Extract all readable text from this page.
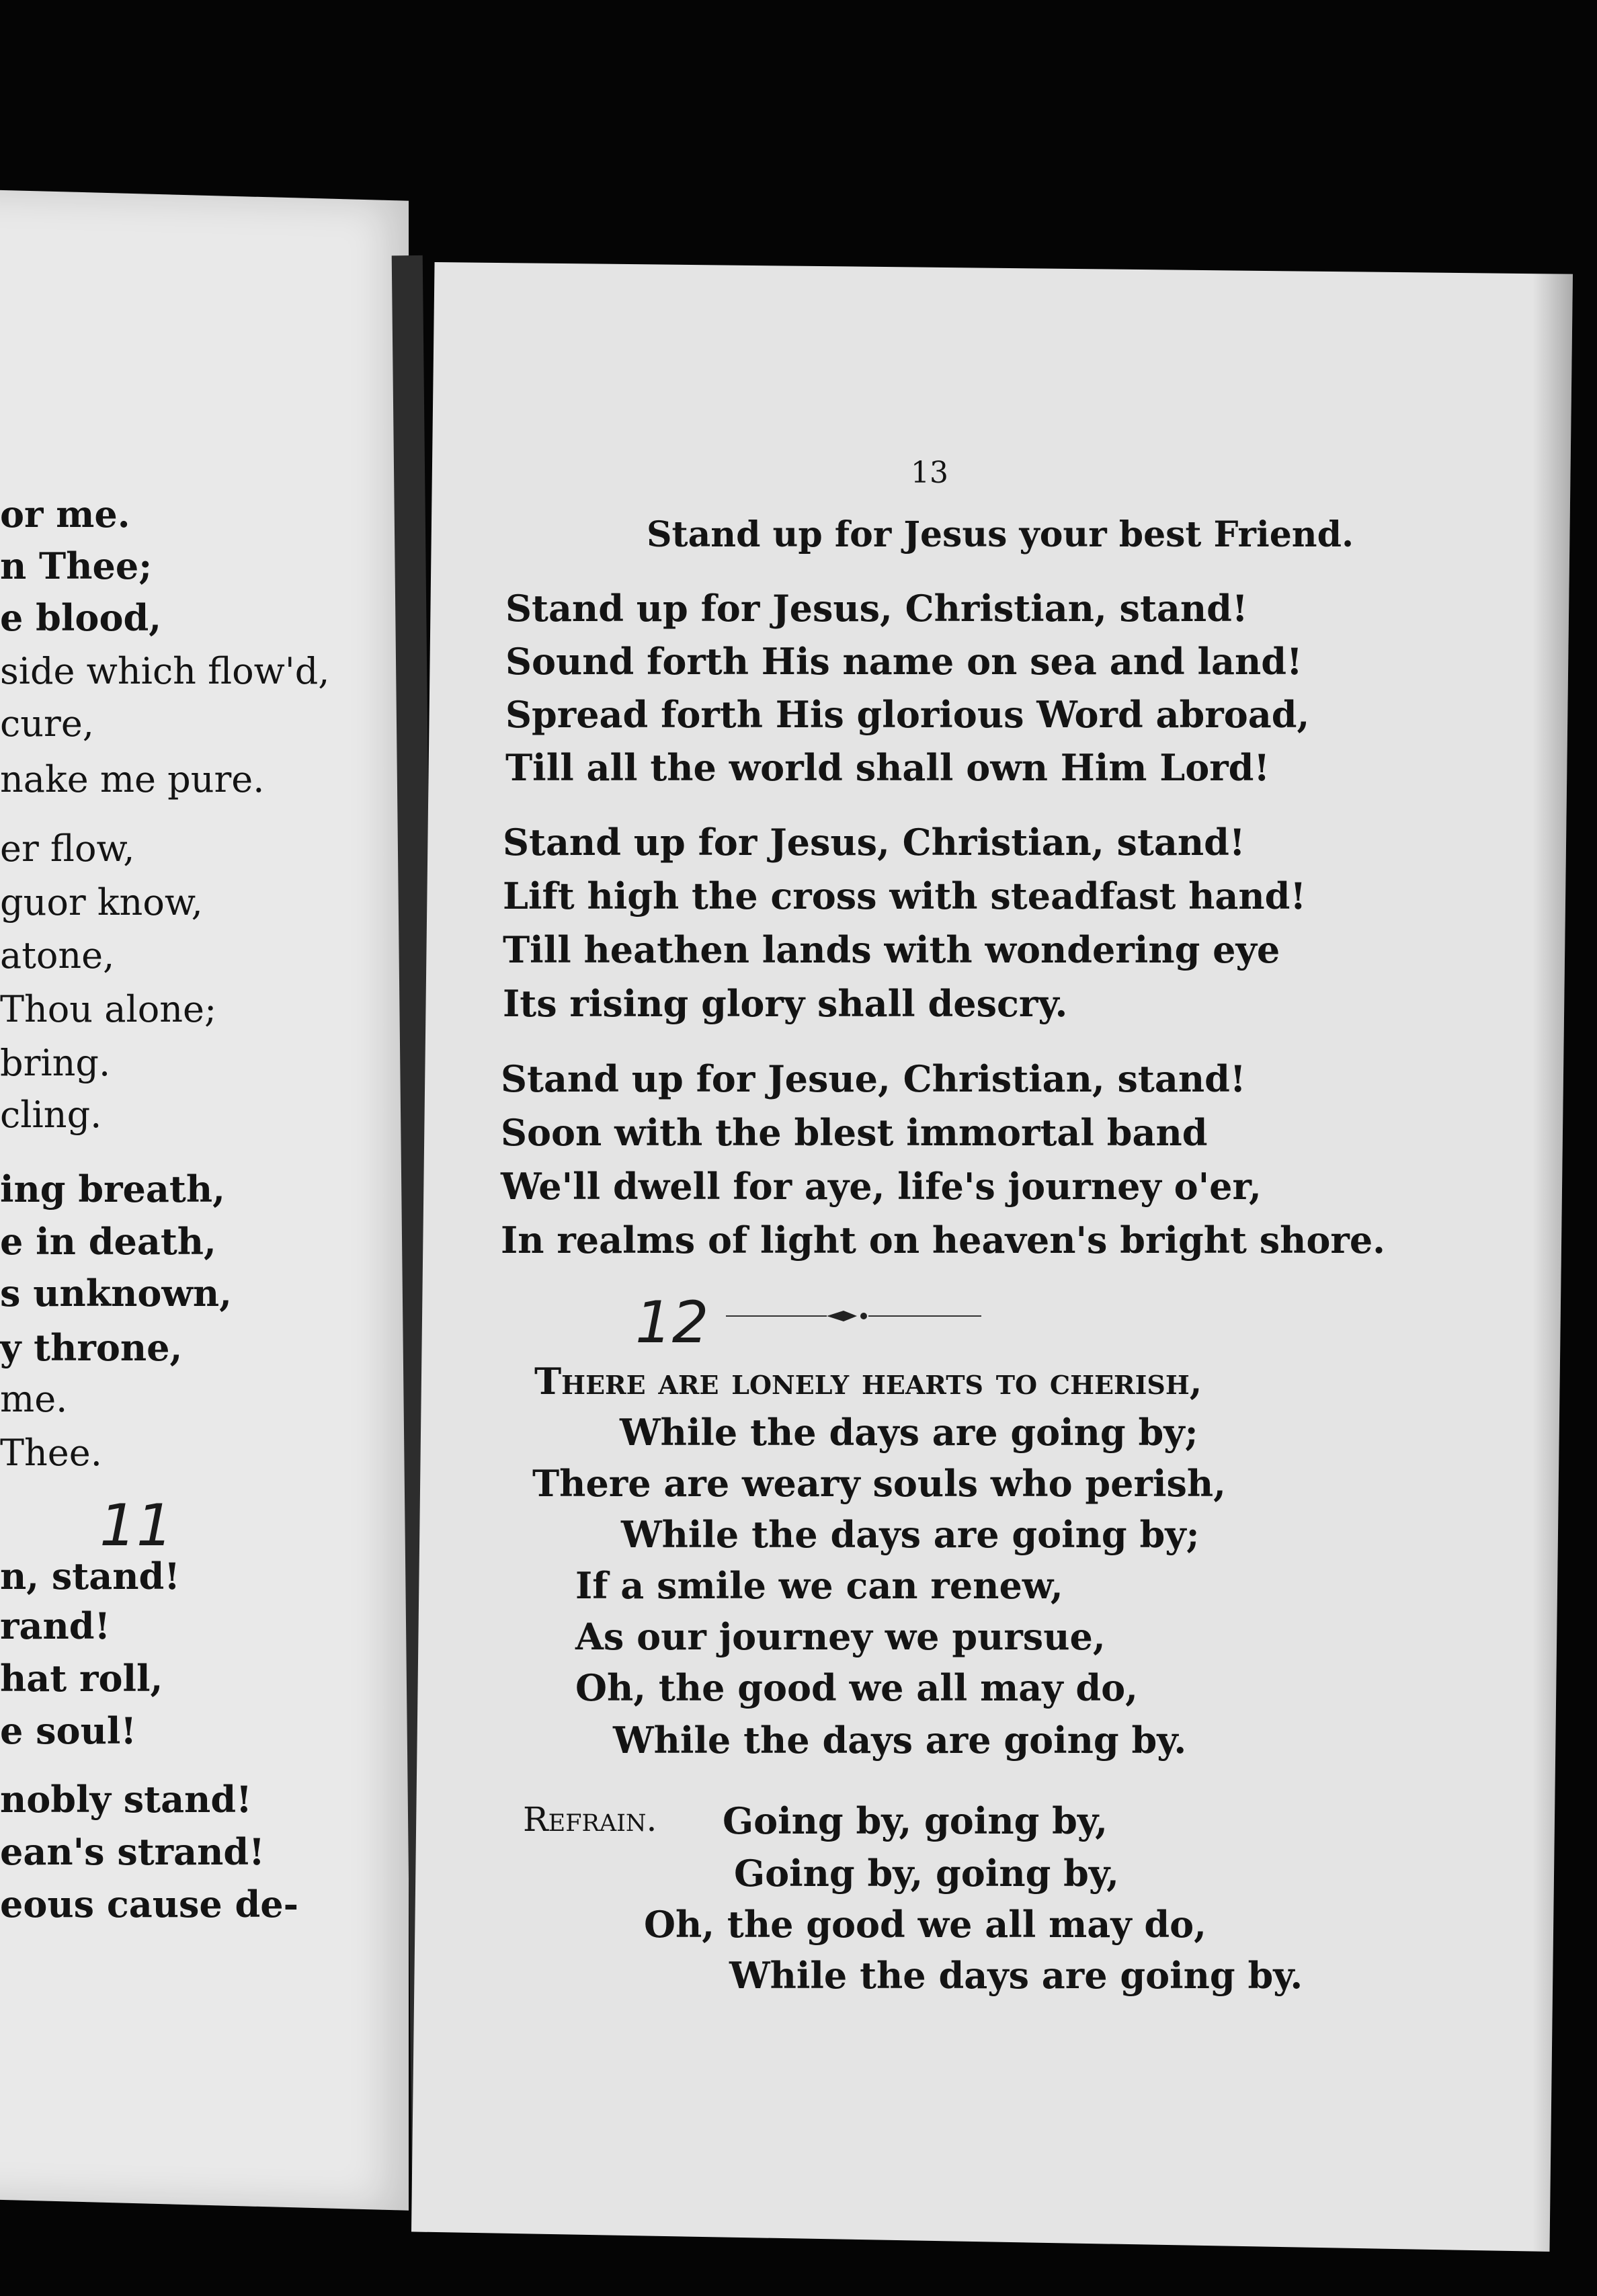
or me.
n Thee;
e blood,
side which flow'd,
cure,
nake me pure.
er flow,
guor know,
atone,
Thou alone;
bring.
cling.
ing breath,
e in death,
s unknown,
y throne,
me.
Thee.
11
n, stand!
rand!
hat roll,
e soul!
nobly stand!
ean's strand!
eous cause de-
13
Stand up for Jesus your best Friend.
Stand up for Jesus, Christian, stand!
Sound forth His name on sea and land!
Spread forth His glorious Word abroad,
Till all the world shall own Him Lord!
Stand up for Jesus, Christian, stand!
Lift high the cross with steadfast hand!
Till heathen lands with wondering eye
Its rising glory shall descry.
Stand up for Jesue, Christian, stand!
Soon with the blest immortal band
We'll dwell for aye, life's journey o'er,
In realms of light on heaven's bright shore.
12
There are lonely hearts to cherish,
While the days are going by;
There are weary souls who perish,
While the days are going by;
If a smile we can renew,
As our journey we pursue,
Oh, the good we all may do,
While the days are going by.
Refrain. Going by, going by,
Going by, going by,
Oh, the good we all may do,
While the days are going by.
